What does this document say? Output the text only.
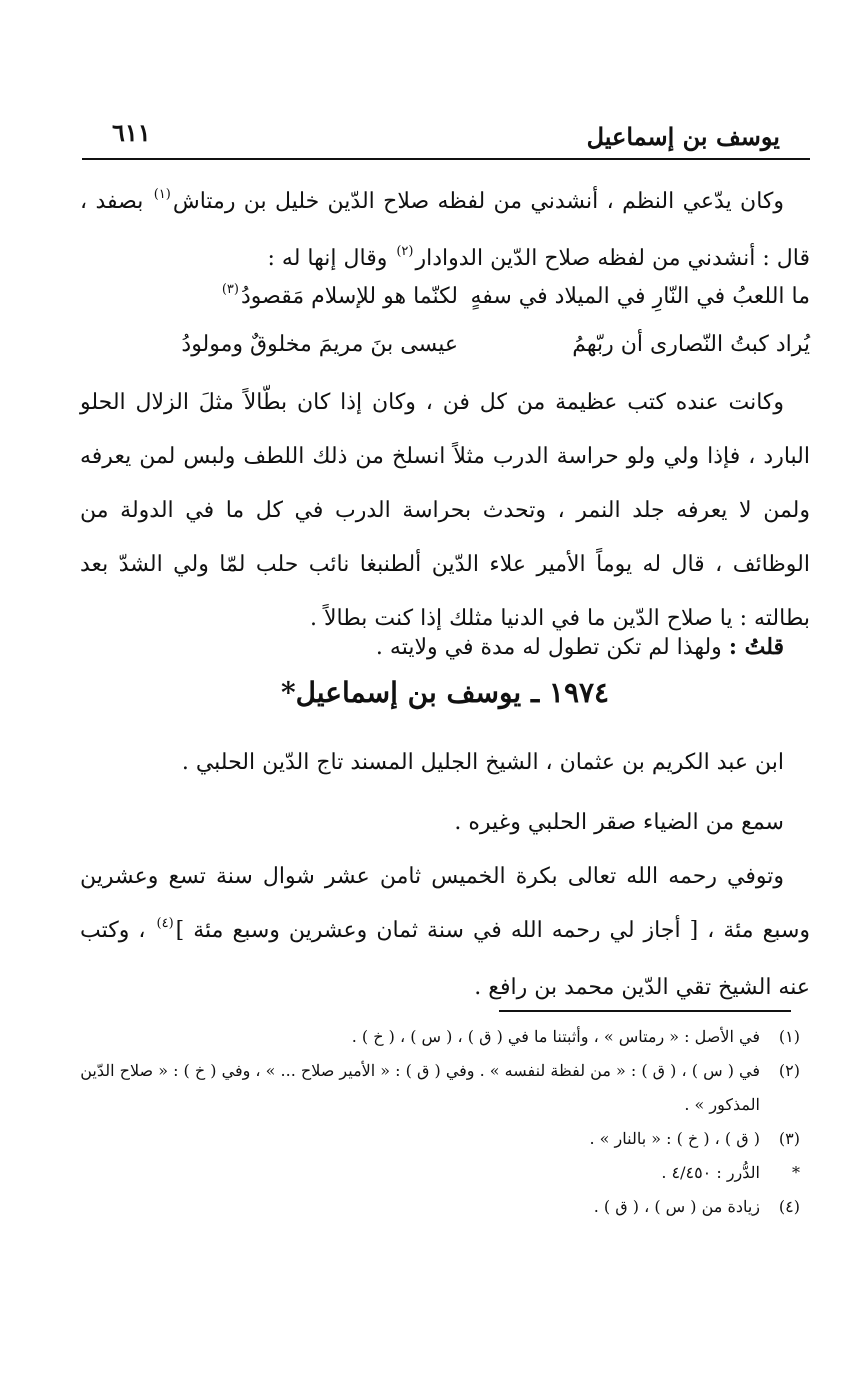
يوسف بن إسماعيل
٦١١
وكان يدّعي النظم ، أنشدني من لفظه صلاح الدّين خليل بن رمتاش$^{(١)}$ بصفد ، قال : أنشدني من لفظه صلاح الدّين الدوادار$^{(٢)}$ وقال إنها له :
ما اللعبُ في النّارِ في الميلاد في سفهٍ
لكنّما هو للإسلام مَقصودُ$^{(٣)}$
يُراد كبتُ النّصارى أن ربّهمُ
عيسى بنَ مريمَ مخلوقٌ ومولودُ
وكانت عنده كتب عظيمة من كل فن ، وكان إذا كان بطّالاً مثلَ الزلال الحلو البارد ، فإذا ولي ولو حراسة الدرب مثلاً انسلخ من ذلك اللطف ولبس لمن يعرفه ولمن لا يعرفه جلد النمر ، وتحدث بحراسة الدرب في كل ما في الدولة من الوظائف ، قال له يوماً الأمير علاء الدّين ألطنبغا نائب حلب لمّا ولي الشدّ بعد بطالته : يا صلاح الدّين ما في الدنيا مثلك إذا كنت بطالاً .
قلتُ : ولهذا لم تكن تطول له مدة في ولايته .
١٩٧٤ ـ يوسف بن إسماعيل*
ابن عبد الكريم بن عثمان ، الشيخ الجليل المسند تاج الدّين الحلبي .
سمع من الضياء صقر الحلبي وغيره .
وتوفي رحمه الله تعالى بكرة الخميس ثامن عشر شوال سنة تسع وعشرين وسبع مئة ، [ أجاز لي رحمه الله في سنة ثمان وعشرين وسبع مئة ]$^{(٤)}$ ، وكتب عنه الشيخ تقي الدّين محمد بن رافع .
(١)
في الأصل : « رمتاس » ، وأثبتنا ما في ( ق ) ، ( س ) ، ( خ ) .
(٢)
في ( س ) ، ( ق ) : « من لفظة لنفسه » . وفي ( ق ) : « الأمير صلاح ... » ، وفي ( خ ) : « صلاح الدّين المذكور » .
(٣)
( ق ) ، ( خ ) : « بالنار » .
*
الدُّرر : ٤/٤٥٠ .
(٤)
زيادة من ( س ) ، ( ق ) .
